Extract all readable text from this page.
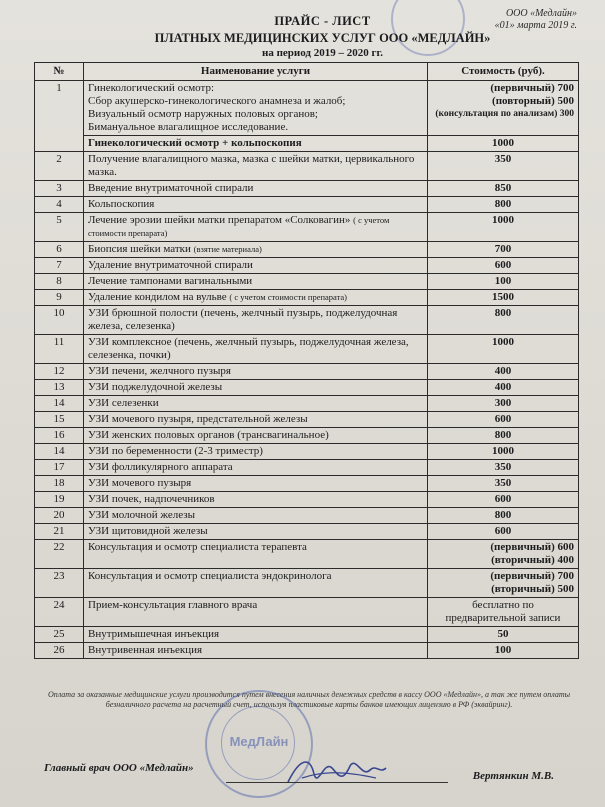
ООО «Медлайн»
«01» марта 2019 г.
ПРАЙС - ЛИСТ
ПЛАТНЫХ МЕДИЦИНСКИХ УСЛУГ ООО «МЕДЛАЙН»
на период 2019 – 2020 гг.
№	Наименование услуги	Стоимость (руб).
1	Гинекологический осмотр:
Сбор акушерско-гинекологического анамнеза и жалоб;
Визуальный осмотр наружных половых органов;
Бимануальное влагалищное исследование.	(первичный) 700
(повторный) 500
(консультация по анализам) 300

	Гинекологический осмотр + кольпоскопия	1000
2	Получение влагалищного мазка, мазка с шейки матки, цервикального мазка.	350
3	Введение внутриматочной спирали	850
4	Кольпоскопия	800
5	Лечение эрозии шейки матки препаратом «Солковагин» ( с учетом стоимости препарата)	1000
6	Биопсия шейки матки (взятие материала)	700
7	Удаление внутриматочной спирали	600
8	Лечение тампонами вагинальными	100
9	Удаление кондилом на вульве ( с учетом стоимости препарата)	1500
10	УЗИ брюшной полости (печень, желчный пузырь, поджелудочная железа, селезенка)	800
11	УЗИ комплексное (печень, желчный пузырь, поджелудочная железа, селезенка, почки)	1000
12	УЗИ печени, желчного пузыря	400
13	УЗИ поджелудочной железы	400
14	УЗИ селезенки	300
15	УЗИ мочевого пузыря, предстательной железы	600
16	УЗИ женских половых органов (трансвагинальное)	800
14	УЗИ по беременности (2-3 триместр)	1000
17	УЗИ фолликулярного аппарата	350
18	УЗИ мочевого пузыря	350
19	УЗИ почек, надпочечников	600
20	УЗИ молочной железы	800
21	УЗИ щитовидной железы	600
22	Консультация и осмотр специалиста терапевта	(первичный) 600
(вторичный) 400

23	Консультация и осмотр специалиста эндокринолога	(первичный) 700
(вторичный) 500

24	Прием-консультация главного врача	бесплатно по
предварительной записи

25	Внутримышечная инъекция	50
26	Внутривенная инъекция	100
Оплата за оказанные медицинские услуги производится путем внесения наличных денежных средств в кассу ООО «Медлайн», а так же путем оплаты безналичного расчета на расчетный счет, используя пластиковые карты банков имеющих лицензию в РФ (эквайринг).
МедЛайн
Главный врач ООО «Медлайн»
Вертянкин М.В.
